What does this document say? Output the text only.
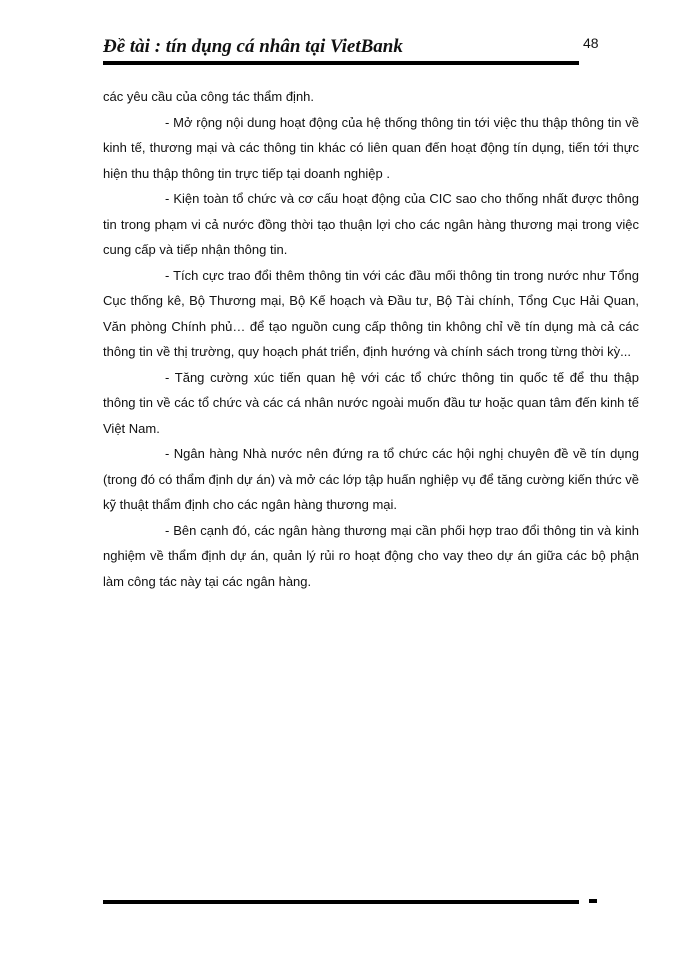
Đề tài : tín dụng cá nhân tại VietBank	48

các yêu cầu của công tác thẩm định.

- Mở rộng nội dung hoạt động của hệ thống thông tin tới việc thu thập thông tin về kinh tế, thương mại và các thông tin khác có liên quan đến hoạt động tín dụng, tiến tới thực hiện thu thập thông tin trực tiếp tại doanh nghiệp .

- Kiện toàn tổ chức và cơ cấu hoạt động của CIC sao cho thống nhất được thông tin trong phạm vi cả nước đồng thời tạo thuận lợi cho các ngân hàng thương mại trong việc cung cấp và tiếp nhận thông tin.

- Tích cực trao đổi thêm thông tin với các đầu mối thông tin trong nước như Tổng Cục thống kê, Bộ Thương mại, Bộ Kế hoạch và Đầu tư, Bộ Tài chính, Tổng Cục Hải Quan, Văn phòng Chính phủ… để tạo nguồn cung cấp thông tin không chỉ về tín dụng mà cả các thông tin về thị trường, quy hoạch phát triển, định hướng và chính sách trong từng thời kỳ...

- Tăng cường xúc tiến quan hệ với các tổ chức thông tin quốc tế để thu thập thông tin về các tổ chức và các cá nhân nước ngoài muốn đầu tư hoặc quan tâm đến kinh tế Việt Nam.

- Ngân hàng Nhà nước nên đứng ra tổ chức các hội nghị chuyên đề về tín dụng (trong đó có thẩm định dự án) và mở các lớp tập huấn nghiệp vụ để tăng cường kiến thức về kỹ thuật thẩm định cho các ngân hàng thương mại.

- Bên cạnh đó, các ngân hàng thương mại cần phối hợp trao đổi thông tin và kinh nghiệm về thẩm định dự án, quản lý rủi ro hoạt động cho vay theo dự án giữa các bộ phận làm công tác này tại các ngân hàng.
